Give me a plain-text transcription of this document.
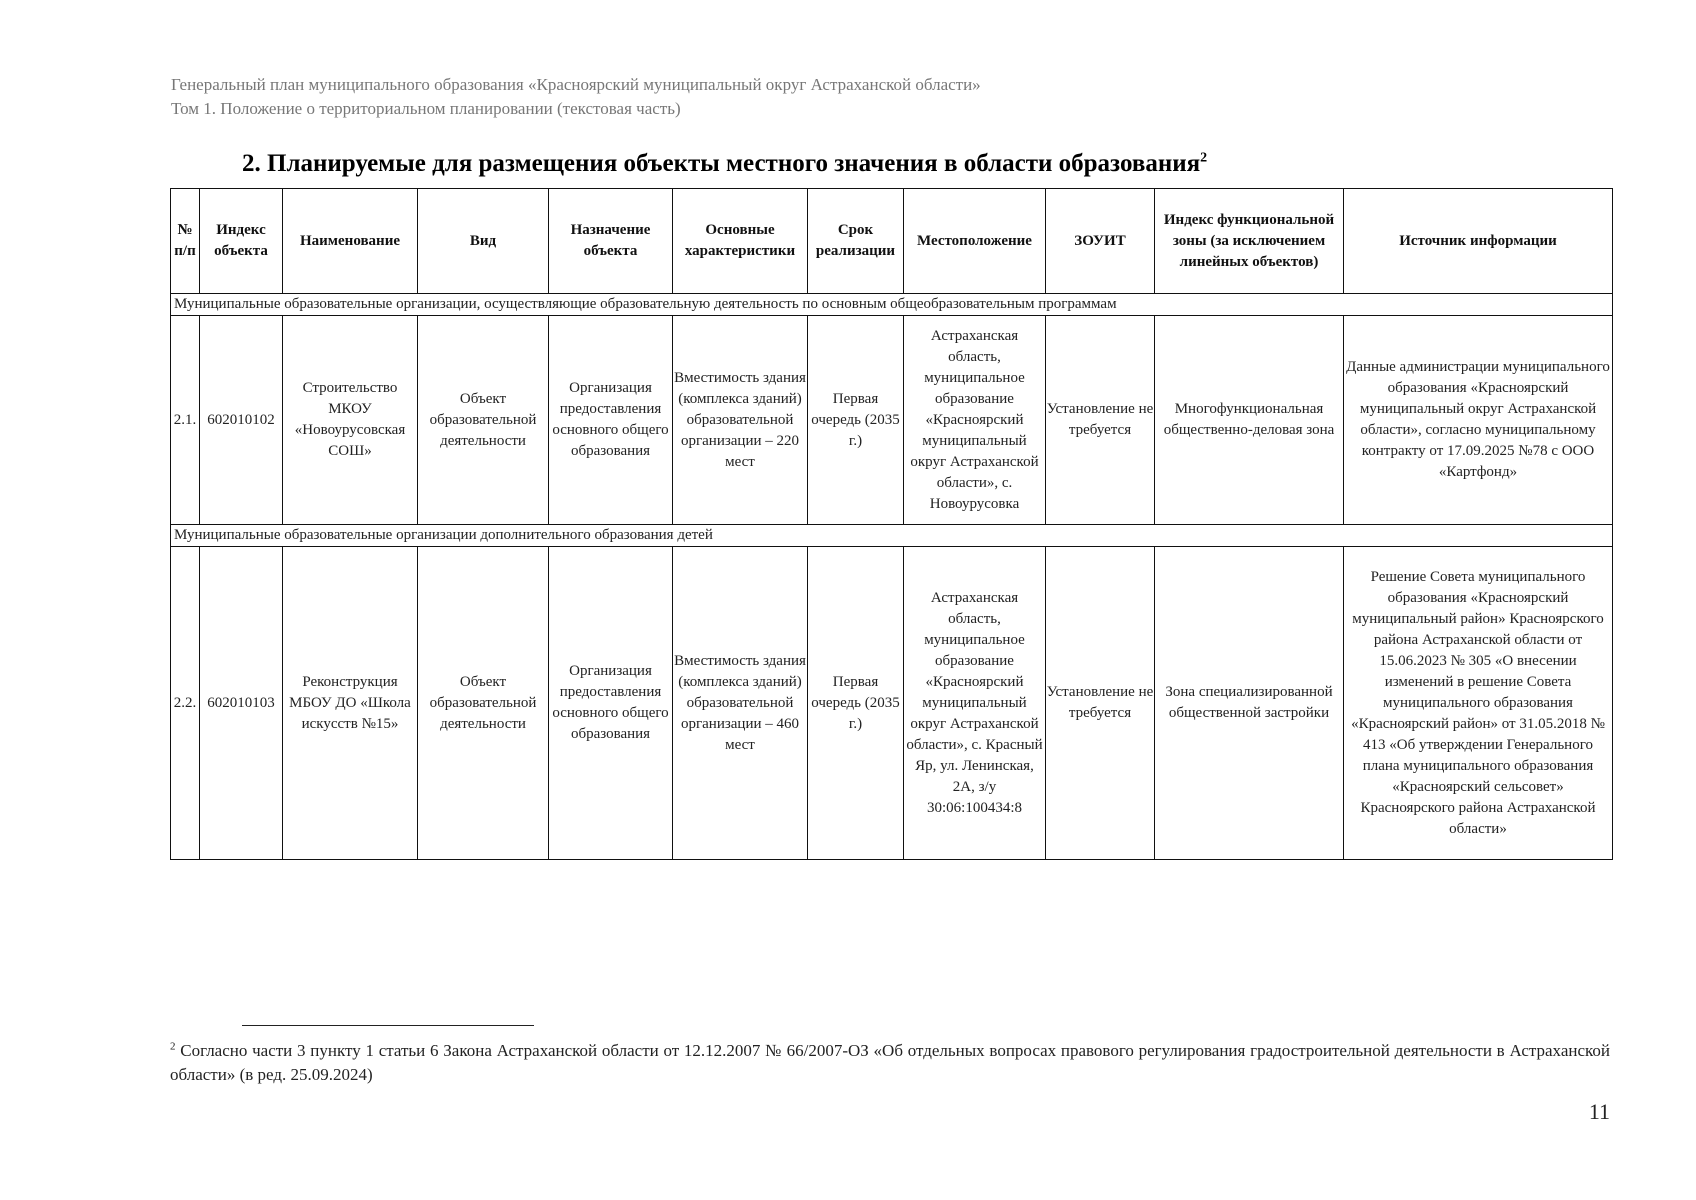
Генеральный план муниципального образования «Красноярский муниципальный округ Астраханской области»
Том 1. Положение о территориальном планировании (текстовая часть)
2. Планируемые для размещения объекты местного значения в области образования$^2$
№ п/п	Индекс объекта	Наименование	Вид	Назначение объекта	Основные характеристики	Срок реализации	Местоположение	ЗОУИТ	Индекс функциональной зоны (за исключением линейных объектов)	Источник информации
Муниципальные образовательные организации, осуществляющие образовательную деятельность по основным общеобразовательным программам										
2.1.	602010102	Строительство МКОУ «Новоурусовская СОШ»	Объект образовательной деятельности	Организация предоставления основного общего образования	Вместимость здания (комплекса зданий) образовательной организации – 220 мест	Первая очередь (2035 г.)	Астраханская область, муниципальное образование «Красноярский муниципальный округ Астраханской области», с. Новоурусовка	Установление не требуется	Многофункциональная общественно-деловая зона	Данные администрации муниципального образования «Красноярский муниципальный округ Астраханской области», согласно муниципальному контракту от 17.09.2025 №78 с ООО «Картфонд»
Муниципальные образовательные организации дополнительного образования детей										
2.2.	602010103	Реконструкция МБОУ ДО «Школа искусств №15»	Объект образовательной деятельности	Организация предоставления основного общего образования	Вместимость здания (комплекса зданий) образовательной организации – 460 мест	Первая очередь (2035 г.)	Астраханская область, муниципальное образование «Красноярский муниципальный округ Астраханской области», с. Красный Яр, ул. Ленинская, 2А, з/у 30:06:100434:8	Установление не требуется	Зона специализированной общественной застройки	Решение Совета муниципального образования «Красноярский муниципальный район» Красноярского района Астраханской области от 15.06.2023 № 305 «О внесении изменений в решение Совета муниципального образования «Красноярский район» от 31.05.2018 № 413 «Об утверждении Генерального плана муниципального образования «Красноярский сельсовет» Красноярского района Астраханской области»
$^2$ Согласно части 3 пункту 1 статьи 6 Закона Астраханской области от 12.12.2007 № 66/2007-ОЗ «Об отдельных вопросах правового регулирования градостроительной деятельности в Астраханской области» (в ред. 25.09.2024)
11
